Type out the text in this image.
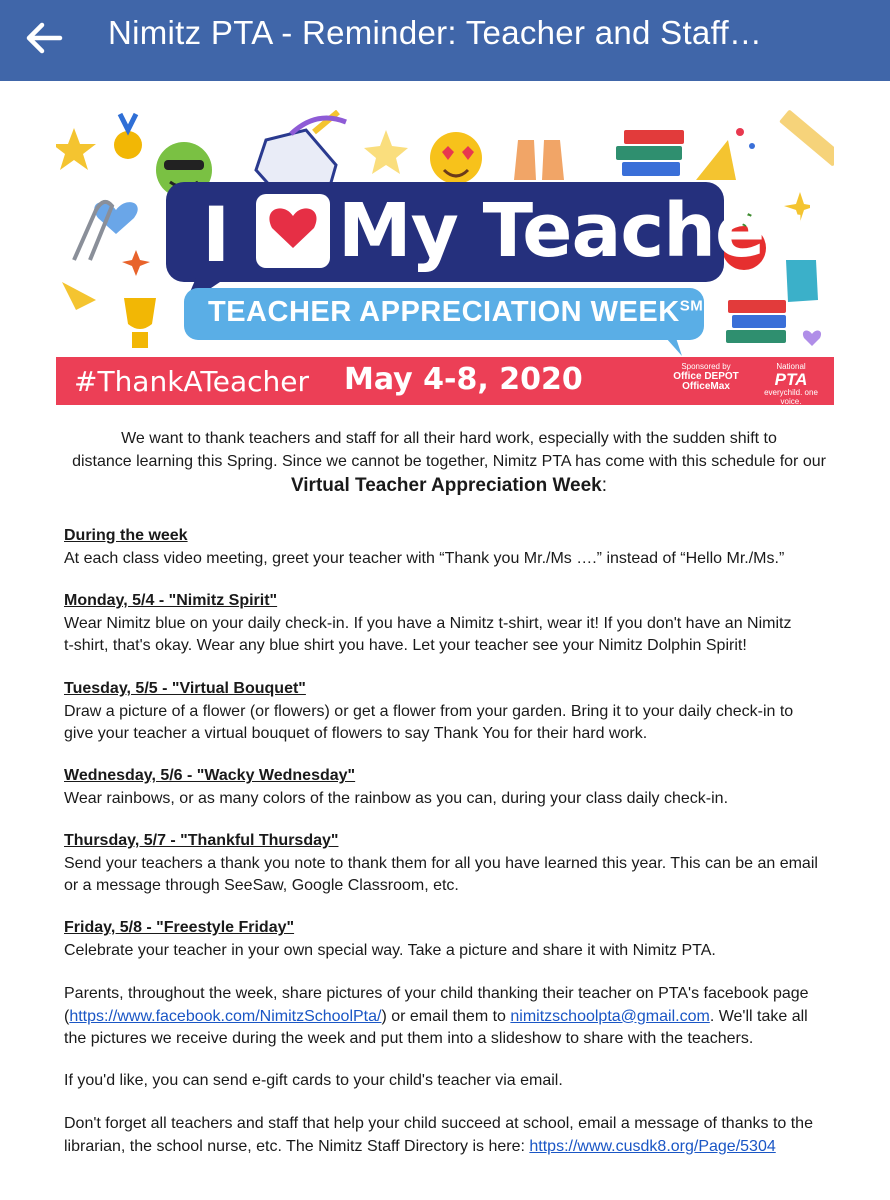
Nimitz PTA - Reminder: Teacher and Staff…
I My Teacher!
TEACHER APPRECIATION WEEK℠
#ThankATeacher May 4-8, 2020	Sponsored by
Office DEPOT
OfficeMax
National
PTA
everychild. one voice.
We want to thank teachers and staff for all their hard work, especially with the sudden shift to
distance learning this Spring. Since we cannot be together, Nimitz PTA has come with this schedule for our
Virtual Teacher Appreciation Week:
During the week
At each class video meeting, greet your teacher with “Thank you Mr./Ms ….” instead of “Hello Mr./Ms.”
Monday, 5/4 - "Nimitz Spirit"
Wear Nimitz blue on your daily check-in. If you have a Nimitz t-shirt, wear it! If you don't have an Nimitz
t-shirt, that's okay. Wear any blue shirt you have. Let your teacher see your Nimitz Dolphin Spirit!
Tuesday, 5/5 - "Virtual Bouquet"
Draw a picture of a flower (or flowers) or get a flower from your garden. Bring it to your daily check-in to
give your teacher a virtual bouquet of flowers to say Thank You for their hard work.
Wednesday, 5/6 - "Wacky Wednesday"
Wear rainbows, or as many colors of the rainbow as you can, during your class daily check-in.
Thursday, 5/7 - "Thankful Thursday"
Send your teachers a thank you note to thank them for all you have learned this year. This can be an email
or a message through SeeSaw, Google Classroom, etc.
Friday, 5/8 - "Freestyle Friday"
Celebrate your teacher in your own special way. Take a picture and share it with Nimitz PTA.
Parents, throughout the week, share pictures of your child thanking their teacher on PTA's facebook page
(https://www.facebook.com/NimitzSchoolPta/) or email them to nimitzschoolpta@gmail.com. We'll take all
the pictures we receive during the week and put them into a slideshow to share with the teachers.
If you'd like, you can send e-gift cards to your child's teacher via email.
Don't forget all teachers and staff that help your child succeed at school, email a message of thanks to the
librarian, the school nurse, etc. The Nimitz Staff Directory is here: https://www.cusdk8.org/Page/5304
